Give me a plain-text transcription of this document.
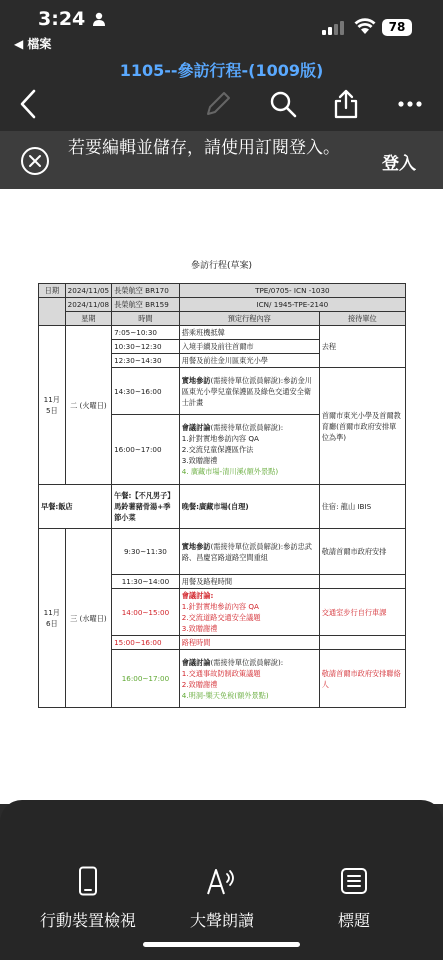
3:24
◀ 檔案
78
1105--參訪行程-(1009版)
若要編輯並儲存，請使用訂閱登入。
登入
參訪行程(草案)
日期	2024/11/05	長榮航空 BR170	TPE/0705- ICN -1030	
	2024/11/08	長榮航空 BR159	ICN/ 1945-TPE-2140	
	星期	時間	預定行程內容	接待單位
11月 5日	二 (火曜日)	7:05~10:30	搭乘班機抵韓	去程
		10:30~12:30	入境手續及前往首爾市	
		12:30~14:30	用餐及前往金川區東光小學	
		14:30~16:00	實地參訪(需接待單位派員解說):參訪金川區東光小學兒童保護區及綠色交通安全衛士計畫	首爾市東光小學及首爾教育廳(首爾市政府安排單位為準)
		16:00~17:00	會議討論(需接待單位派員解說):
1.針對實地參訪內容 QA
2.交流兒童保護區作法
3.致贈謝禮
4. 廣藏市場-清川溪(額外景點)	
早餐:飯店		午餐:【不凡男子】馬鈴薯豬骨湯+季節小菜	晚餐:廣藏市場(自理)	住宿: 龍山 IBIS
11月 6日	三 (水曜日)	9:30~11:30	實地參訪(需接待單位派員解說):參訪忠武路、昌慶宮路道路空間重組	敬請首爾市政府安排
		11:30~14:00	用餐及路程時間	
		14:00~15:00	會議討論:
1.針對實地參訪內容 QA
2.交流道路交通安全議題
3.致贈謝禮	交通室步行自行車課
		15:00~16:00	路程時間	
		16:00~17:00	會議討論(需接待單位派員解說):
1.交通事故防制政策議題
2.致贈謝禮
4.明洞-樂天免稅(額外景點)	敬請首爾市政府安排聯絡人
行動裝置檢視	大聲朗讀	標題
